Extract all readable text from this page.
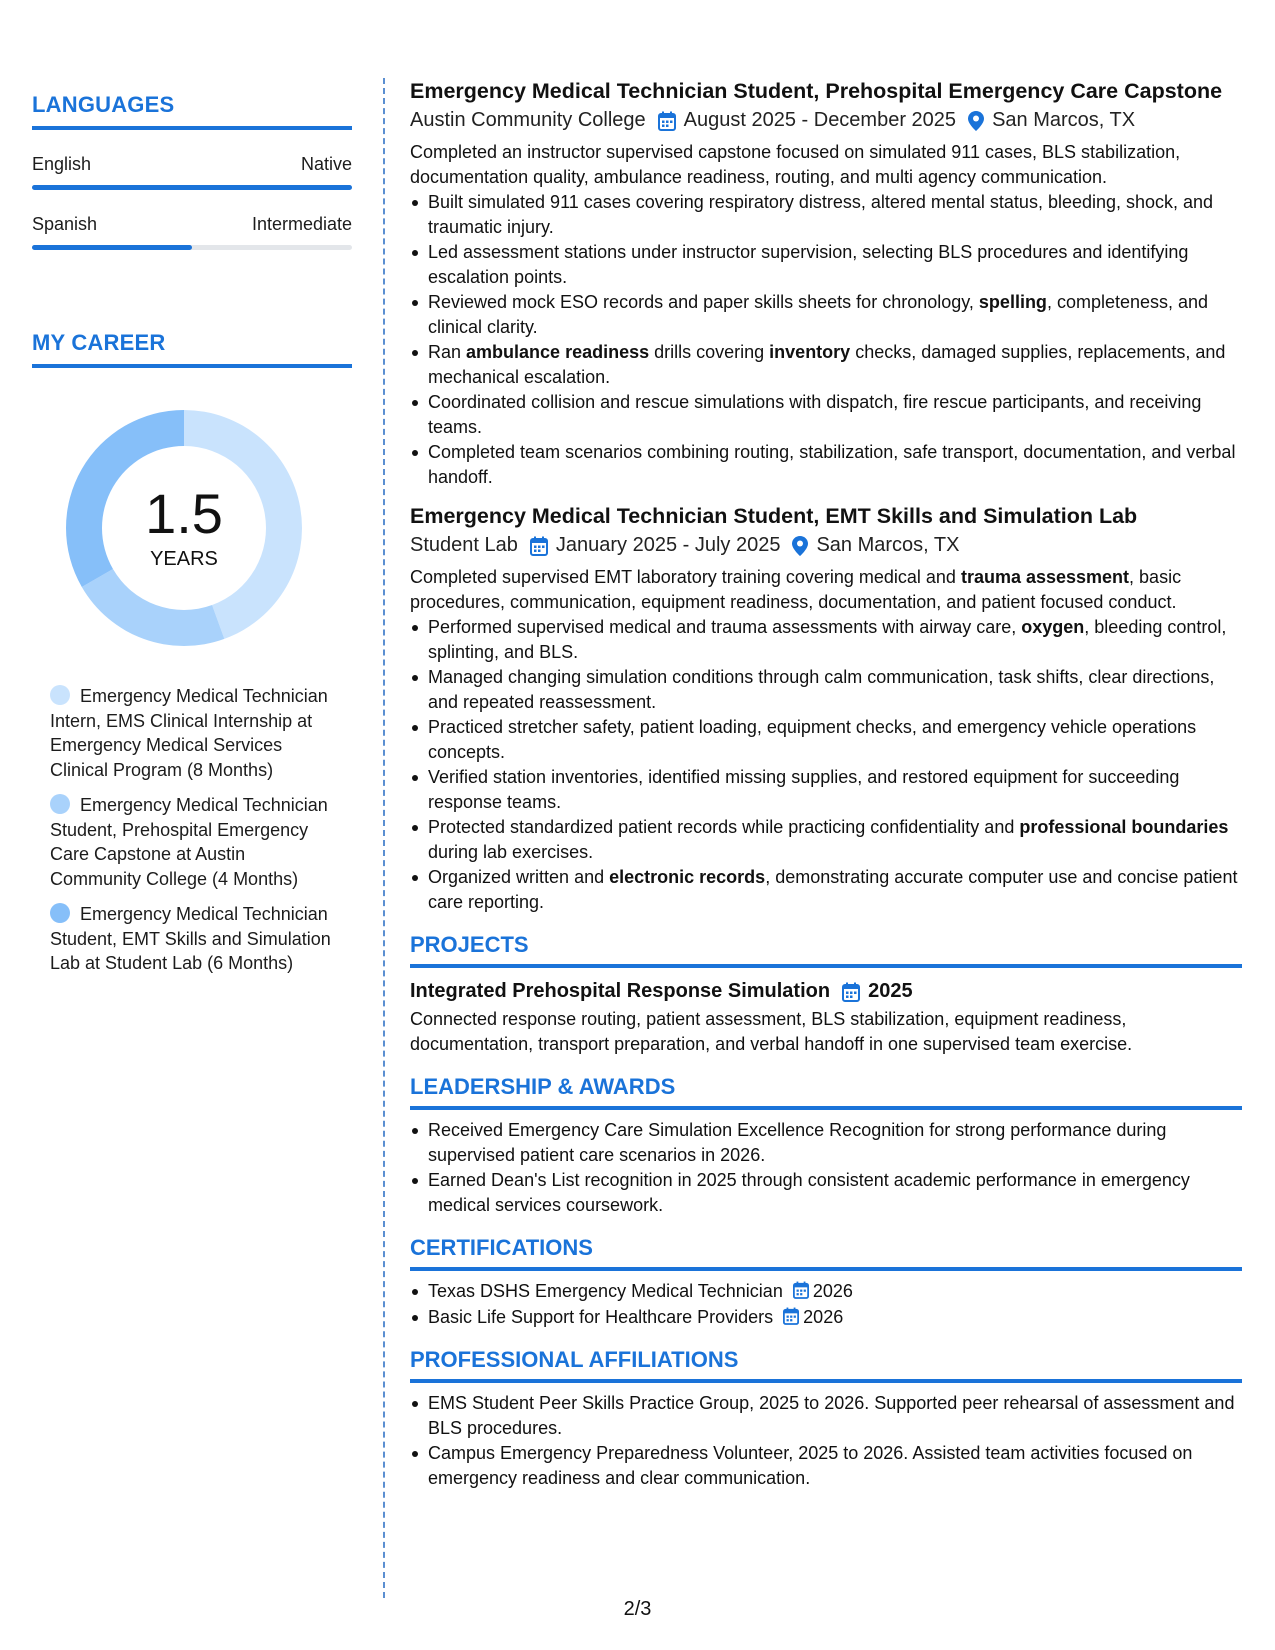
LANGUAGES
English	Native
Spanish	Intermediate
MY CAREER
1.5
YEARS
Emergency Medical Technician Intern, EMS Clinical Internship at Emergency Medical Services Clinical Program (8 Months)
Emergency Medical Technician Student, Prehospital Emergency Care Capstone at Austin Community College (4 Months)
Emergency Medical Technician Student, EMT Skills and Simulation Lab at Student Lab (6 Months)
Emergency Medical Technician Student, Prehospital Emergency Care Capstone
Austin Community College August 2025 - December 2025 San Marcos, TX
Completed an instructor supervised capstone focused on simulated 911 cases, BLS stabilization, documentation quality, ambulance readiness, routing, and multi agency communication.
Built simulated 911 cases covering respiratory distress, altered mental status, bleeding, shock, and traumatic injury.
Led assessment stations under instructor supervision, selecting BLS procedures and identifying escalation points.
Reviewed mock ESO records and paper skills sheets for chronology, spelling, completeness, and clinical clarity.
Ran ambulance readiness drills covering inventory checks, damaged supplies, replacements, and mechanical escalation.
Coordinated collision and rescue simulations with dispatch, fire rescue participants, and receiving teams.
Completed team scenarios combining routing, stabilization, safe transport, documentation, and verbal handoff.
Emergency Medical Technician Student, EMT Skills and Simulation Lab
Student Lab January 2025 - July 2025 San Marcos, TX
Completed supervised EMT laboratory training covering medical and trauma assessment, basic procedures, communication, equipment readiness, documentation, and patient focused conduct.
Performed supervised medical and trauma assessments with airway care, oxygen, bleeding control, splinting, and BLS.
Managed changing simulation conditions through calm communication, task shifts, clear directions, and repeated reassessment.
Practiced stretcher safety, patient loading, equipment checks, and emergency vehicle operations concepts.
Verified station inventories, identified missing supplies, and restored equipment for succeeding response teams.
Protected standardized patient records while practicing confidentiality and professional boundaries during lab exercises.
Organized written and electronic records, demonstrating accurate computer use and concise patient care reporting.
PROJECTS
Integrated Prehospital Response Simulation 2025
Connected response routing, patient assessment, BLS stabilization, equipment readiness, documentation, transport preparation, and verbal handoff in one supervised team exercise.
LEADERSHIP & AWARDS
Received Emergency Care Simulation Excellence Recognition for strong performance during supervised patient care scenarios in 2026.
Earned Dean's List recognition in 2025 through consistent academic performance in emergency medical services coursework.
CERTIFICATIONS
Texas DSHS Emergency Medical Technician 2026
Basic Life Support for Healthcare Providers 2026
PROFESSIONAL AFFILIATIONS
EMS Student Peer Skills Practice Group, 2025 to 2026. Supported peer rehearsal of assessment and BLS procedures.
Campus Emergency Preparedness Volunteer, 2025 to 2026. Assisted team activities focused on emergency readiness and clear communication.
2/3
